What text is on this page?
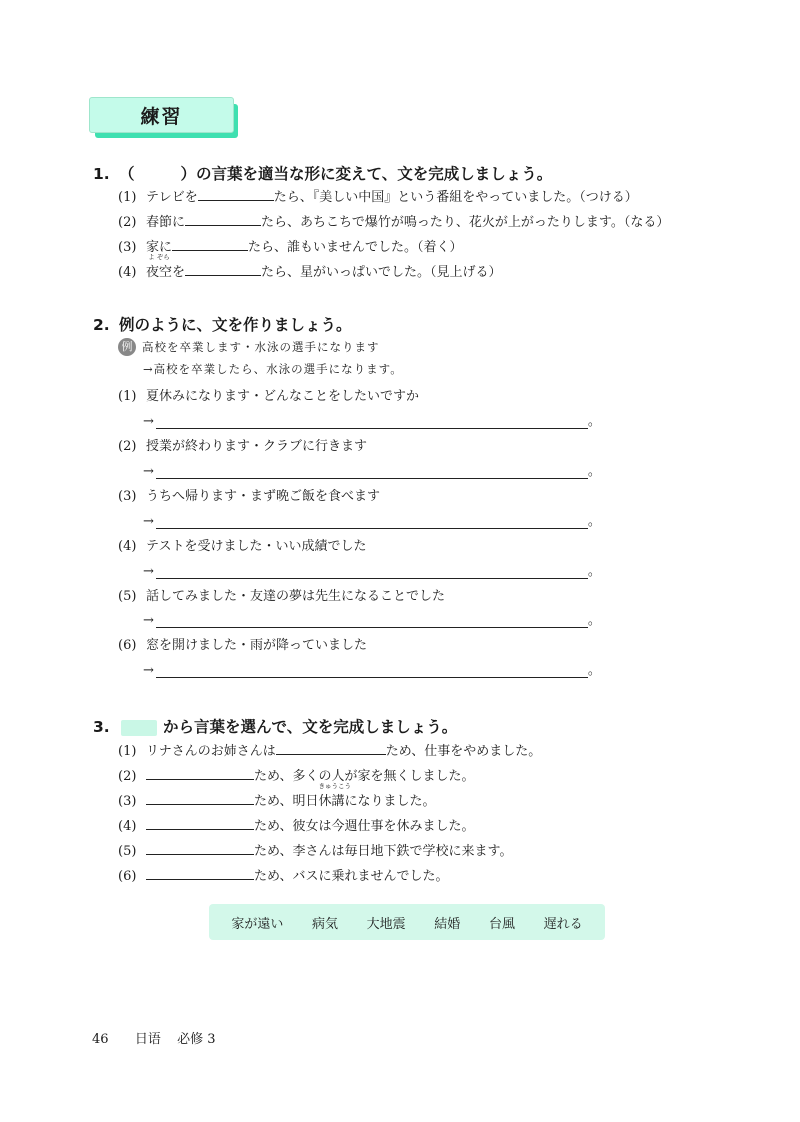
練習
1. （	）の言葉を適当な形に変えて、文を完成しましょう。
(1) テレビを	たら、『美しい中国』という番組をやっていました。（つける）
(2) 春節に	たら、あちこちで爆竹が鳴ったり、花火が上がったりします。（なる）
(3) 家に	たら、誰もいませんでした。（着く）
(4)
よ ぞら
夜空を	たら、星がいっぱいでした。（見上げる）
2. 例のように、文を作りましょう。
例 高校を卒業します・水泳の選手になります
→高校を卒業したら、水泳の選手になります。
(1) 夏休みになります・どんなことをしたいですか
→	。
(2) 授業が終わります・クラブに行きます
→	。
(3) うちへ帰ります・まず晩ご飯を食べます
→	。
(4) テストを受けました・いい成績でした
→	。
(5) 話してみました・友達の夢は先生になることでした
→	。
(6) 窓を開けました・雨が降っていました
→	。
3.	から言葉を選んで、文を完成しましょう。
(1) リナさんのお姉さんは	ため、仕事をやめました。
(2)	ため、多くの人が家を無くしました。
(3)	ため、明日
きゅうこう
休講になりました。
(4)	ため、彼女は今週仕事を休みました。
(5)	ため、李さんは毎日地下鉄で学校に来ます。
(6)	ため、バスに乗れませんでした。
家が遠い 病気 大地震 結婚 台風 遅れる
46 日语 必修 3
